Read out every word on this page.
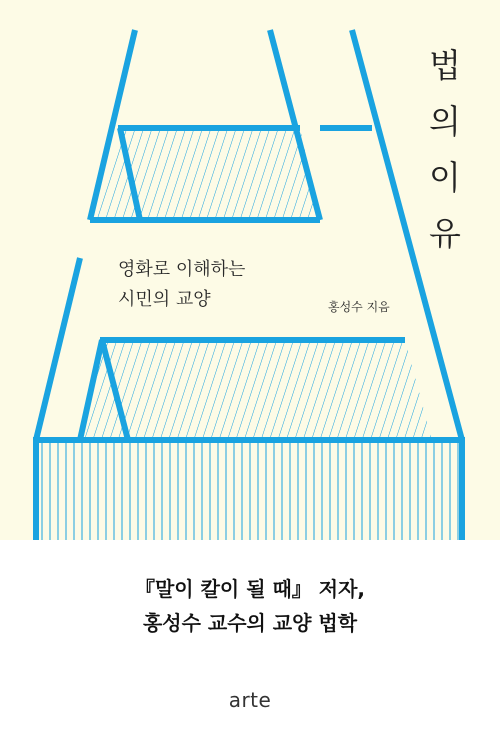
법의
이유
영화로 이해하는
시민의 교양	홍성수 지음
『말이 칼이 될 때』 저자,
홍성수 교수의 교양 법학
arte
